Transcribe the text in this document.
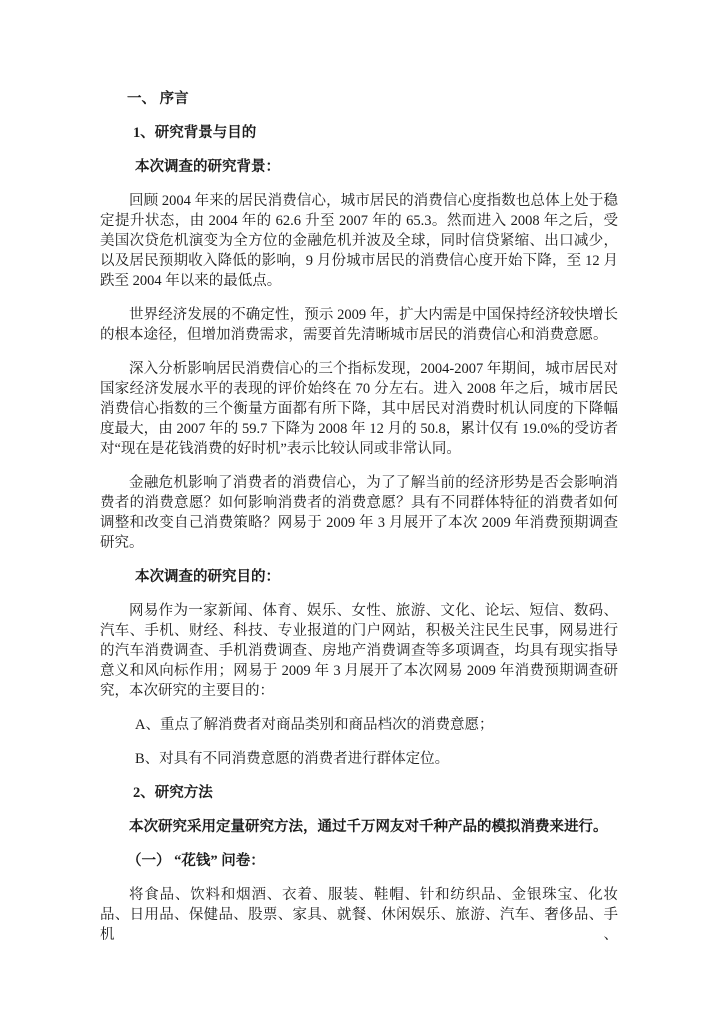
一、 序言
1、研究背景与目的
本次调查的研究背景：
回顾 2004 年来的居民消费信心，城市居民的消费信心度指数也总体上处于稳定提升状态，由 2004 年的 62.6 升至 2007 年的 65.3。然而进入 2008 年之后，受美国次贷危机演变为全方位的金融危机并波及全球，同时信贷紧缩、出口减少，以及居民预期收入降低的影响，9 月份城市居民的消费信心度开始下降，至 12 月跌至 2004 年以来的最低点。
世界经济发展的不确定性，预示 2009 年，扩大内需是中国保持经济较快增长的根本途径，但增加消费需求，需要首先清晰城市居民的消费信心和消费意愿。
深入分析影响居民消费信心的三个指标发现，2004-2007 年期间，城市居民对国家经济发展水平的表现的评价始终在 70 分左右。进入 2008 年之后，城市居民消费信心指数的三个衡量方面都有所下降，其中居民对消费时机认同度的下降幅度最大，由 2007 年的 59.7 下降为 2008 年 12 月的 50.8，累计仅有 19.0%的受访者对“现在是花钱消费的好时机”表示比较认同或非常认同。
金融危机影响了消费者的消费信心，为了了解当前的经济形势是否会影响消费者的消费意愿？如何影响消费者的消费意愿？具有不同群体特征的消费者如何调整和改变自己消费策略？网易于 2009 年 3 月展开了本次 2009 年消费预期调查研究。
本次调查的研究目的：
网易作为一家新闻、体育、娱乐、女性、旅游、文化、论坛、短信、数码、汽车、手机、财经、科技、专业报道的门户网站，积极关注民生民事，网易进行的汽车消费调查、手机消费调查、房地产消费调查等多项调查，均具有现实指导意义和风向标作用；网易于 2009 年 3 月展开了本次网易 2009 年消费预期调查研究，本次研究的主要目的：
A、重点了解消费者对商品类别和商品档次的消费意愿；
B、对具有不同消费意愿的消费者进行群体定位。
2、研究方法
本次研究采用定量研究方法，通过千万网友对千种产品的模拟消费来进行。
（一） “花钱” 问卷：
将食品、饮料和烟酒、衣着、服装、鞋帽、针和纺织品、金银珠宝、化妆品、日用品、保健品、股票、家具、就餐、休闲娱乐、旅游、汽车、奢侈品、手机、
